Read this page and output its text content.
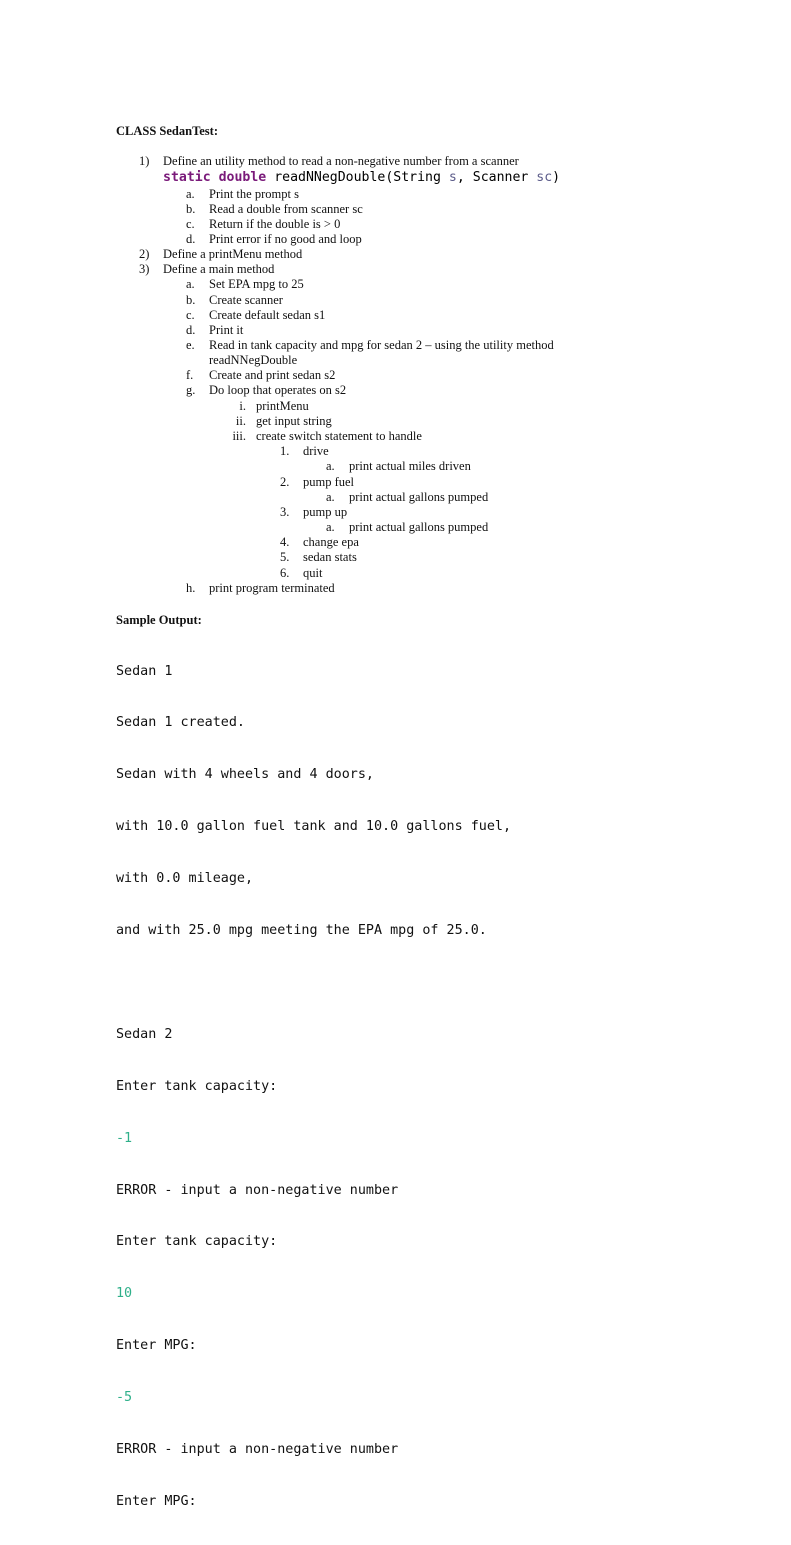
CLASS SedanTest:
1) Define an utility method to read a non-negative number from a scanner
static double readNNegDouble(String s, Scanner sc)
a. Print the prompt s
b. Read a double from scanner sc
c. Return if the double is > 0
d. Print error if no good and loop
2) Define a printMenu method
3) Define a main method
a. Set EPA mpg to 25
b. Create scanner
c. Create default sedan s1
d. Print it
e. Read in tank capacity and mpg for sedan 2 – using the utility method
readNNegDouble
f. Create and print sedan s2
g. Do loop that operates on s2
i. printMenu
ii. get input string
iii. create switch statement to handle
1. drive
a. print actual miles driven
2. pump fuel
a. print actual gallons pumped
3. pump up
a. print actual gallons pumped
4. change epa
5. sedan stats
6. quit
h. print program terminated
Sample Output:

Sedan 1

Sedan 1 created.

Sedan with 4 wheels and 4 doors,

with 10.0 gallon fuel tank and 10.0 gallons fuel,

with 0.0 mileage,

and with 25.0 mpg meeting the EPA mpg of 25.0.

Sedan 2

Enter tank capacity:

-1

ERROR - input a non-negative number

Enter tank capacity:

10

Enter MPG:

-5

ERROR - input a non-negative number

Enter MPG:
